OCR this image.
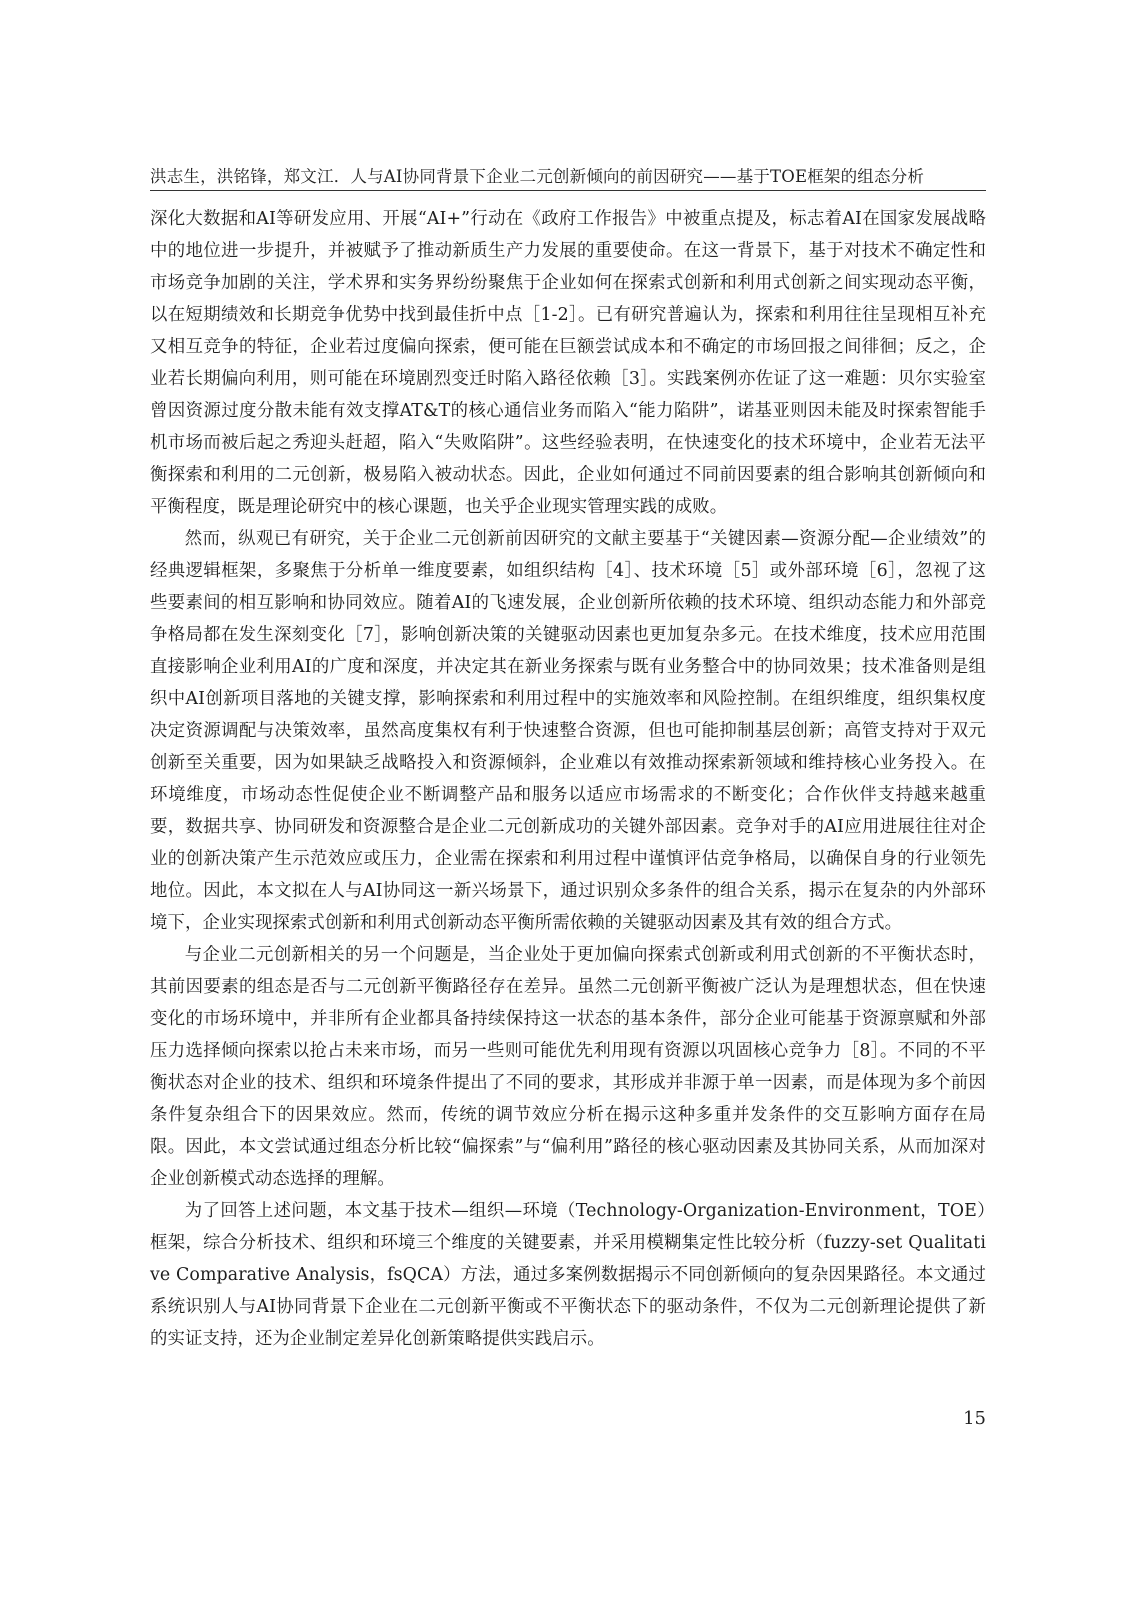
洪志生，洪铭锋，郑文江．人与AI协同背景下企业二元创新倾向的前因研究——基于TOE框架的组态分析

深化大数据和AI等研发应用、开展“AI+”行动在《政府工作报告》中被重点提及，标志着AI在国家发展战略中的地位进一步提升，并被赋予了推动新质生产力发展的重要使命。在这一背景下，基于对技术不确定性和市场竞争加剧的关注，学术界和实务界纷纷聚焦于企业如何在探索式创新和利用式创新之间实现动态平衡，以在短期绩效和长期竞争优势中找到最佳折中点［1-2］。已有研究普遍认为，探索和利用往往呈现相互补充又相互竞争的特征，企业若过度偏向探索，便可能在巨额尝试成本和不确定的市场回报之间徘徊；反之，企业若长期偏向利用，则可能在环境剧烈变迁时陷入路径依赖［3］。实践案例亦佐证了这一难题：贝尔实验室曾因资源过度分散未能有效支撑AT&T的核心通信业务而陷入“能力陷阱”，诺基亚则因未能及时探索智能手机市场而被后起之秀迎头赶超，陷入“失败陷阱”。这些经验表明，在快速变化的技术环境中，企业若无法平衡探索和利用的二元创新，极易陷入被动状态。因此，企业如何通过不同前因要素的组合影响其创新倾向和平衡程度，既是理论研究中的核心课题，也关乎企业现实管理实践的成败。

然而，纵观已有研究，关于企业二元创新前因研究的文献主要基于“关键因素—资源分配—企业绩效”的经典逻辑框架，多聚焦于分析单一维度要素，如组织结构［4］、技术环境［5］或外部环境［6］，忽视了这些要素间的相互影响和协同效应。随着AI的飞速发展，企业创新所依赖的技术环境、组织动态能力和外部竞争格局都在发生深刻变化［7］，影响创新决策的关键驱动因素也更加复杂多元。在技术维度，技术应用范围直接影响企业利用AI的广度和深度，并决定其在新业务探索与既有业务整合中的协同效果；技术准备则是组织中AI创新项目落地的关键支撑，影响探索和利用过程中的实施效率和风险控制。在组织维度，组织集权度决定资源调配与决策效率，虽然高度集权有利于快速整合资源，但也可能抑制基层创新；高管支持对于双元创新至关重要，因为如果缺乏战略投入和资源倾斜，企业难以有效推动探索新领域和维持核心业务投入。在环境维度，市场动态性促使企业不断调整产品和服务以适应市场需求的不断变化；合作伙伴支持越来越重要，数据共享、协同研发和资源整合是企业二元创新成功的关键外部因素。竞争对手的AI应用进展往往对企业的创新决策产生示范效应或压力，企业需在探索和利用过程中谨慎评估竞争格局，以确保自身的行业领先地位。因此，本文拟在人与AI协同这一新兴场景下，通过识别众多条件的组合关系，揭示在复杂的内外部环境下，企业实现探索式创新和利用式创新动态平衡所需依赖的关键驱动因素及其有效的组合方式。

与企业二元创新相关的另一个问题是，当企业处于更加偏向探索式创新或利用式创新的不平衡状态时，其前因要素的组态是否与二元创新平衡路径存在差异。虽然二元创新平衡被广泛认为是理想状态，但在快速变化的市场环境中，并非所有企业都具备持续保持这一状态的基本条件，部分企业可能基于资源禀赋和外部压力选择倾向探索以抢占未来市场，而另一些则可能优先利用现有资源以巩固核心竞争力［8］。不同的不平衡状态对企业的技术、组织和环境条件提出了不同的要求，其形成并非源于单一因素，而是体现为多个前因条件复杂组合下的因果效应。然而，传统的调节效应分析在揭示这种多重并发条件的交互影响方面存在局限。因此，本文尝试通过组态分析比较“偏探索”与“偏利用”路径的核心驱动因素及其协同关系，从而加深对企业创新模式动态选择的理解。

为了回答上述问题，本文基于技术—组织—环境（Technology-Organization-Environment，TOE）框架，综合分析技术、组织和环境三个维度的关键要素，并采用模糊集定性比较分析（fuzzy-set Qualitative Comparative Analysis，fsQCA）方法，通过多案例数据揭示不同创新倾向的复杂因果路径。本文通过系统识别人与AI协同背景下企业在二元创新平衡或不平衡状态下的驱动条件，不仅为二元创新理论提供了新的实证支持，还为企业制定差异化创新策略提供实践启示。

15
